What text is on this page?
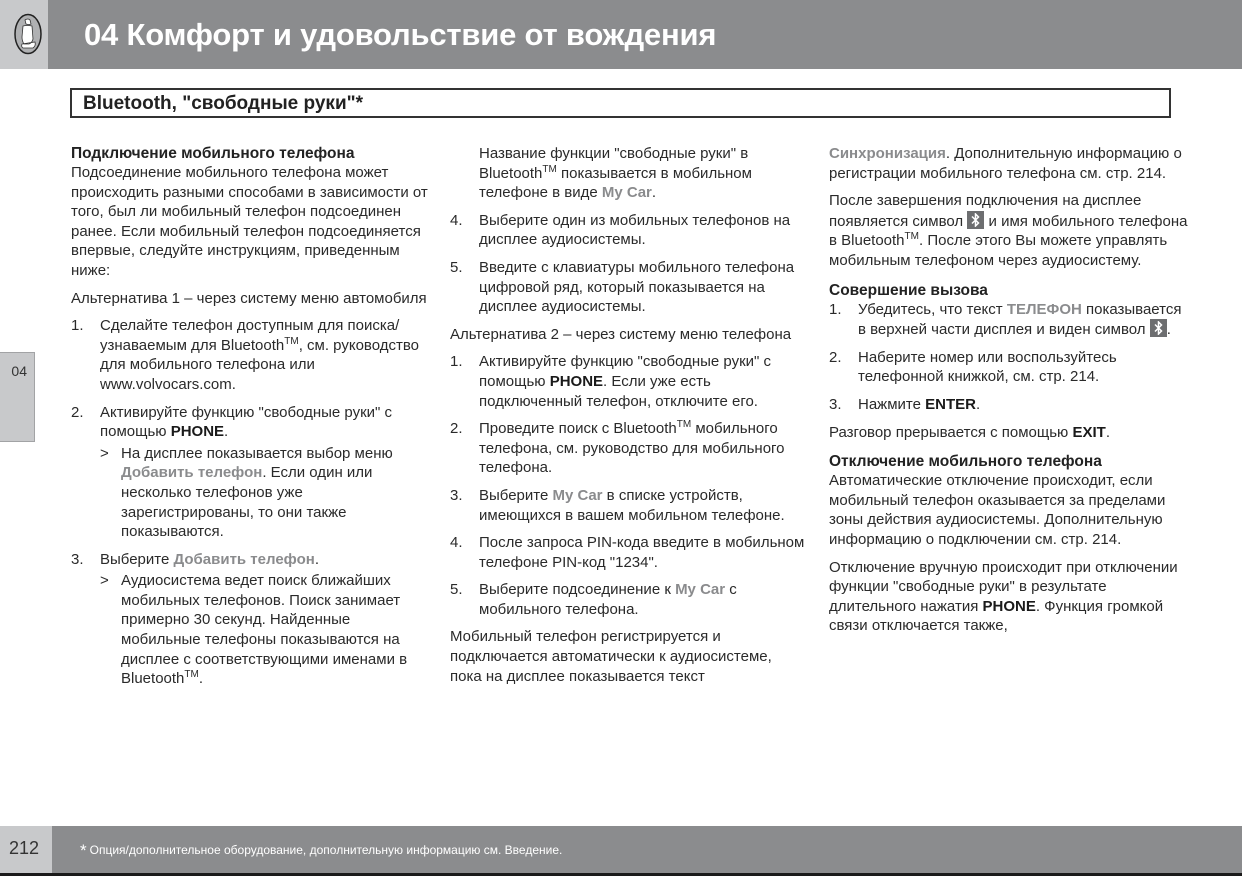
04 Комфорт и удовольствие от вождения
Bluetooth, "свободные руки"*
04
Подключение мобильного телефона

Подсоединение мобильного телефона может происходить разными способами в зависимости от того, был ли мобильный телефон подсоединен ранее. Если мобильный телефон подсоединяется впервые, следуйте инструкциям, приведенным ниже:

Альтернатива 1 – через систему меню автомобиля

1. Сделайте телефон доступным для поиска/узнаваемым для Bluetooth™, см. руководство для мобильного телефона или www.volvocars.com.
2. Активируйте функцию "свободные руки" с помощью PHONE.
> На дисплее показывается выбор меню Добавить телефон. Если один или несколько телефонов уже зарегистрированы, то они также показываются.
3. Выберите Добавить телефон.
> Аудиосистема ведет поиск ближайших мобильных телефонов. Поиск занимает примерно 30 секунд. Найденные мобильные телефоны показываются на дисплее с соответствующими именами в Bluetooth™.
Название функции "свободные руки" в Bluetooth™ показывается в мобильном телефоне в виде My Car.
4. Выберите один из мобильных телефонов на дисплее аудиосистемы.
5. Введите с клавиатуры мобильного телефона цифровой ряд, который показывается на дисплее аудиосистемы.

Альтернатива 2 – через систему меню телефона

1. Активируйте функцию "свободные руки" с помощью PHONE. Если уже есть подключенный телефон, отключите его.
2. Проведите поиск с Bluetooth™ мобильного телефона, см. руководство для мобильного телефона.
3. Выберите My Car в списке устройств, имеющихся в вашем мобильном телефоне.
4. После запроса PIN-кода введите в мобильном телефоне PIN-код "1234".
5. Выберите подсоединение к My Car с мобильного телефона.

Мобильный телефон регистрируется и подключается автоматически к аудиосистеме, пока на дисплее показывается текст

Синхронизация. Дополнительную информацию о регистрации мобильного телефона см. стр. 214.

После завершения подключения на дисплее появляется символ
и имя мобильного телефона в Bluetooth™. После этого Вы можете управлять мобильным телефоном через аудиосистему.

Совершение вызова
1. Убедитесь, что текст ТЕЛЕФОН показывается в верхней части дисплея и виден символ
.
2. Наберите номер или воспользуйтесь телефонной книжкой, см. стр. 214.
3. Нажмите ENTER.

Разговор прерывается с помощью EXIT.

Отключение мобильного телефона

Автоматические отключение происходит, если мобильный телефон оказывается за пределами зоны действия аудиосистемы. Дополнительную информацию о подключении см. стр. 214.

Отключение вручную происходит при отключении функции "свободные руки" в результате длительного нажатия PHONE. Функция громкой связи отключается также,

212 * Опция/дополнительное оборудование, дополнительную информацию см. Введение.
